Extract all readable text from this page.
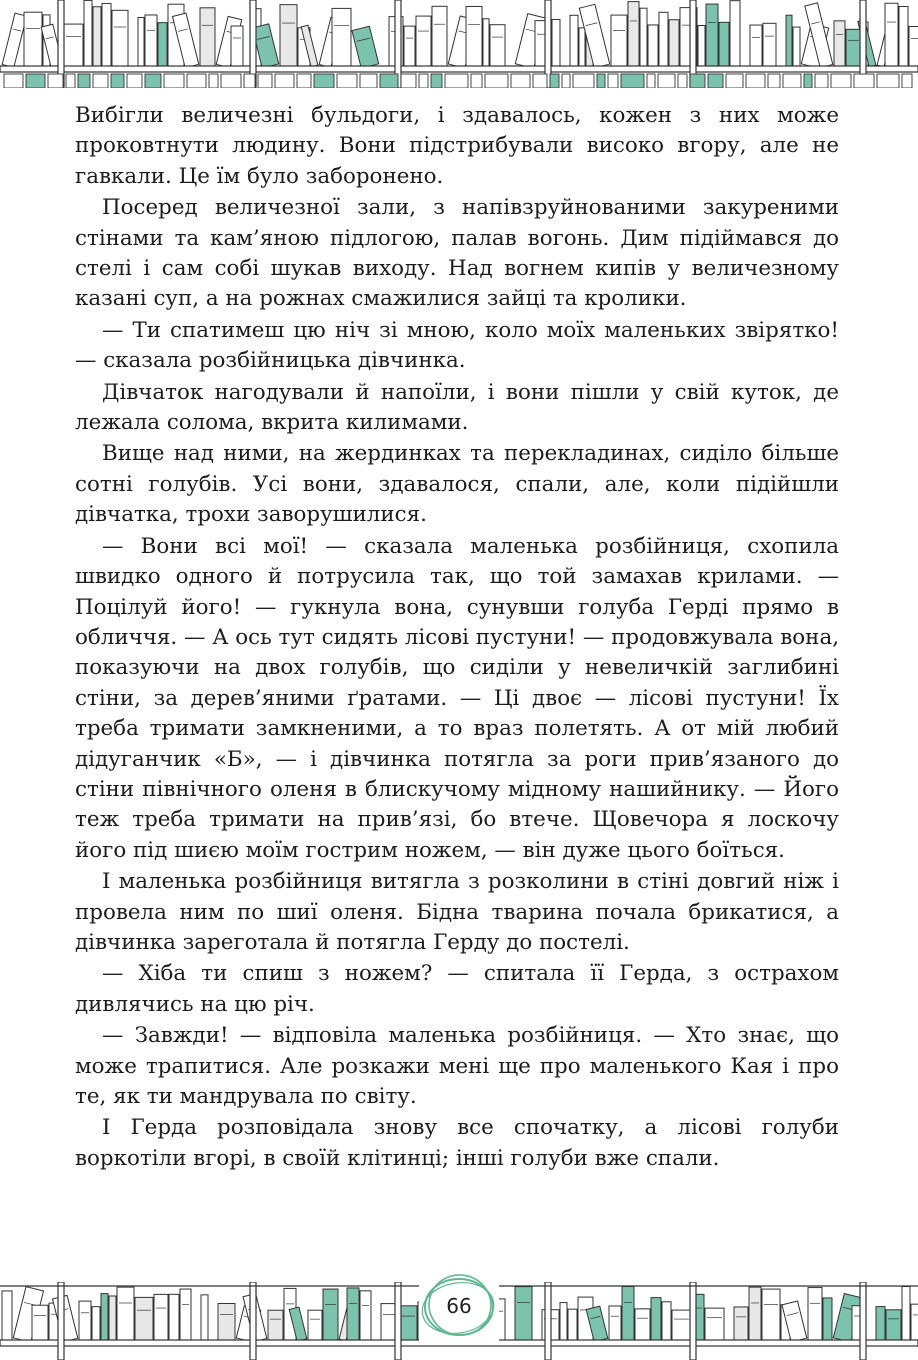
Вибігли величезні бульдоги, і здавалось, кожен з них може проковтнути людину. Вони підстрибували високо вгору, але не гавкали. Це їм було заборонено.

Посеред величезної зали, з напівзруйнованими закуреними стінами та кам’яною підлогою, палав вогонь. Дим підіймався до стелі і сам собі шукав виходу. Над вогнем кипів у величезному казані суп, а на рожнах смажилися зайці та кролики.

— Ти спатимеш цю ніч зі мною, коло моїх маленьких звірятко! — сказала розбійницька дівчинка.

Дівчаток нагодували й напоїли, і вони пішли у свій куток, де лежала солома, вкрита килимами.

Вище над ними, на жердинках та перекладинах, сиділо більше сотні голубів. Усі вони, здавалося, спали, але, коли підійшли дівчатка, трохи заворушилися.

— Вони всі мої! — сказала маленька розбійниця, схопила швидко одного й потрусила так, що той замахав крилами. — Поцілуй його! — гукнула вона, сунувши голуба Герді прямо в обличчя. — А ось тут сидять лісові пустуни! — продовжувала вона, показуючи на двох голубів, що сиділи у невеличкій заглибині стіни, за дерев’яними ґратами. — Ці двоє — лісові пустуни! Їх треба тримати замкненими, а то враз полетять. А от мій любий дідуганчик «Б», — і дівчинка потягла за роги прив’язаного до стіни північного оленя в блискучому мідному нашийнику. — Його теж треба тримати на прив’язі, бо втече. Щовечора я лоскочу його під шиєю моїм гострим ножем, — він дуже цього боїться.

І маленька розбійниця витягла з розколини в стіні довгий ніж і провела ним по шиї оленя. Бідна тварина почала брикатися, а дівчинка зареготала й потягла Герду до постелі.

— Хіба ти спиш з ножем? — спитала її Герда, з острахом дивлячись на цю річ.

— Завжди! — відповіла маленька розбійниця. — Хто знає, що може трапитися. Але розкажи мені ще про маленького Кая і про те, як ти мандрувала по світу.

І Герда розповідала знову все спочатку, а лісові голуби воркотіли вгорі, в своїй клітинці; інші голуби вже спали.

66
